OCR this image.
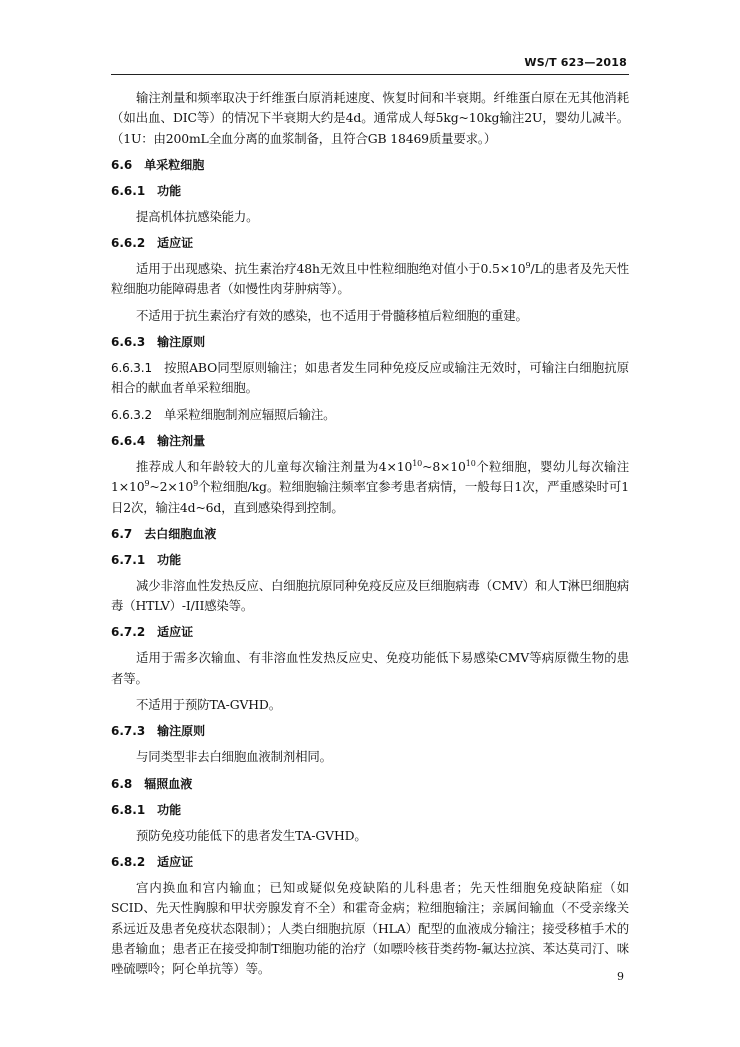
WS/T 623—2018

输注剂量和频率取决于纤维蛋白原消耗速度、恢复时间和半衰期。纤维蛋白原在无其他消耗（如出血、DIC等）的情况下半衰期大约是4d。通常成人每5kg~10kg输注2U，婴幼儿减半。（1U：由200mL全血分离的血浆制备，且符合GB 18469质量要求。）

6.6 单采粒细胞
6.6.1 功能

提高机体抗感染能力。

6.6.2 适应证

适用于出现感染、抗生素治疗48h无效且中性粒细胞绝对值小于$0.5\times 10^9/L$的患者及先天性粒细胞功能障碍患者（如慢性肉芽肿病等）。

不适用于抗生素治疗有效的感染，也不适用于骨髓移植后粒细胞的重建。

6.6.3 输注原则

6.6.3.1 按照ABO同型原则输注；如患者发生同种免疫反应或输注无效时，可输注白细胞抗原相合的献血者单采粒细胞。

6.6.3.2 单采粒细胞制剂应辐照后输注。

6.6.4 输注剂量

推荐成人和年龄较大的儿童每次输注剂量为$4\times 10^{10}\sim 8\times 10^{10}$个粒细胞，婴幼儿每次输注$1\times 10^9\sim 2\times 10^9$个粒细胞/kg。粒细胞输注频率宜参考患者病情，一般每日1次，严重感染时可1日2次，输注4d~6d，直到感染得到控制。

6.7 去白细胞血液
6.7.1 功能

减少非溶血性发热反应、白细胞抗原同种免疫反应及巨细胞病毒（CMV）和人T淋巴细胞病毒（HTLV）-I/II感染等。

6.7.2 适应证

适用于需多次输血、有非溶血性发热反应史、免疫功能低下易感染CMV等病原微生物的患者等。

不适用于预防TA-GVHD。

6.7.3 输注原则

与同类型非去白细胞血液制剂相同。

6.8 辐照血液
6.8.1 功能

预防免疫功能低下的患者发生TA-GVHD。

6.8.2 适应证

宫内换血和宫内输血；已知或疑似免疫缺陷的儿科患者；先天性细胞免疫缺陷症（如SCID、先天性胸腺和甲状旁腺发育不全）和霍奇金病；粒细胞输注；亲属间输血（不受亲缘关系远近及患者免疫状态限制）；人类白细胞抗原（HLA）配型的血液成分输注；接受移植手术的患者输血；患者正在接受抑制T细胞功能的治疗（如嘌呤核苷类药物-氟达拉滨、苯达莫司汀、咪唑硫嘌呤；阿仑单抗等）等。

9
